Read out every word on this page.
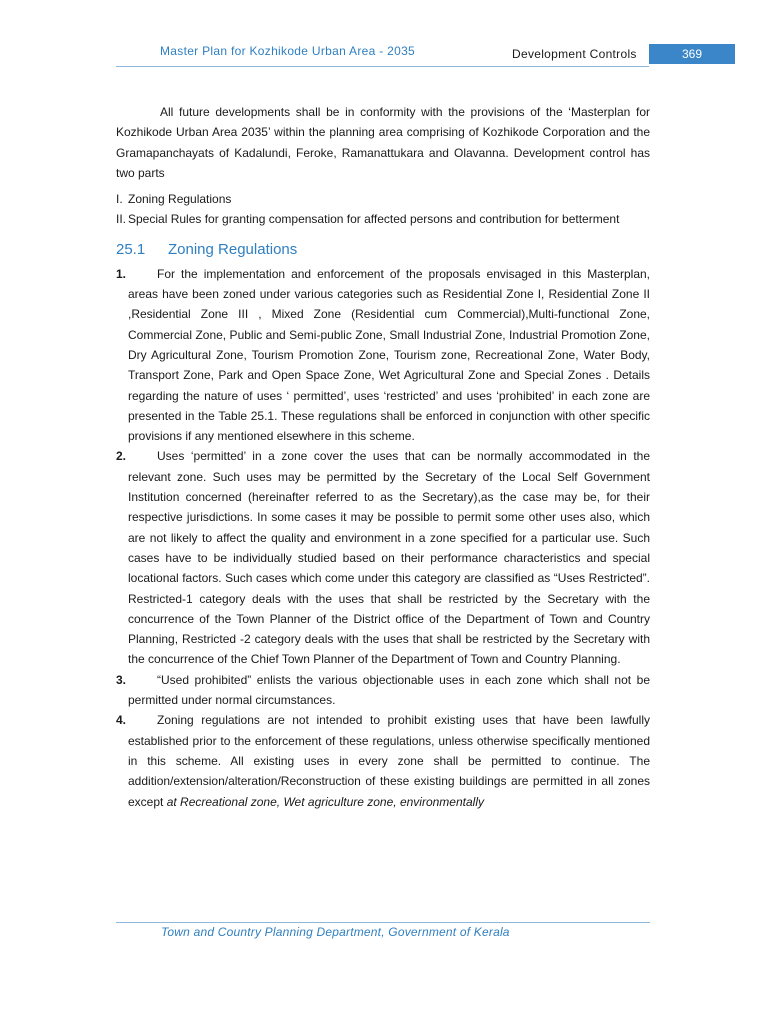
Master Plan for Kozhikode Urban Area - 2035	Development Controls	369

All future developments shall be in conformity with the provisions of the ‘Masterplan for Kozhikode Urban Area 2035’ within the planning area comprising of Kozhikode Corporation and the Gramapanchayats of Kadalundi, Feroke, Ramanattukara and Olavanna. Development control has two parts

I. Zoning Regulations
II. Special Rules for granting compensation for affected persons and contribution for betterment
25.1 Zoning Regulations
1.	For the implementation and enforcement of the proposals envisaged in this Masterplan, areas have been zoned under various categories such as Residential Zone I, Residential Zone II ,Residential Zone III , Mixed Zone (Residential cum Commercial),Multi-functional Zone, Commercial Zone, Public and Semi-public Zone, Small Industrial Zone, Industrial Promotion Zone, Dry Agricultural Zone, Tourism Promotion Zone, Tourism zone, Recreational Zone, Water Body, Transport Zone, Park and Open Space Zone, Wet Agricultural Zone and Special Zones . Details regarding the nature of uses ‘ permitted’, uses ‘restricted’ and uses ‘prohibited’ in each zone are presented in the Table 25.1. These regulations shall be enforced in conjunction with other specific provisions if any mentioned elsewhere in this scheme.
2.	Uses ‘permitted’ in a zone cover the uses that can be normally accommodated in the relevant zone. Such uses may be permitted by the Secretary of the Local Self Government Institution concerned (hereinafter referred to as the Secretary),as the case may be, for their respective jurisdictions. In some cases it may be possible to permit some other uses also, which are not likely to affect the quality and environment in a zone specified for a particular use. Such cases have to be individually studied based on their performance characteristics and special locational factors. Such cases which come under this category are classified as “Uses Restricted”. Restricted-1 category deals with the uses that shall be restricted by the Secretary with the concurrence of the Town Planner of the District office of the Department of Town and Country Planning, Restricted -2 category deals with the uses that shall be restricted by the Secretary with the concurrence of the Chief Town Planner of the Department of Town and Country Planning.
3.	“Used prohibited” enlists the various objectionable uses in each zone which shall not be permitted under normal circumstances.
4.	Zoning regulations are not intended to prohibit existing uses that have been lawfully established prior to the enforcement of these regulations, unless otherwise specifically mentioned in this scheme. All existing uses in every zone shall be permitted to continue. The addition/extension/alteration/Reconstruction of these existing buildings are permitted in all zones except at Recreational zone, Wet agriculture zone, environmentally
Town and Country Planning Department, Government of Kerala
